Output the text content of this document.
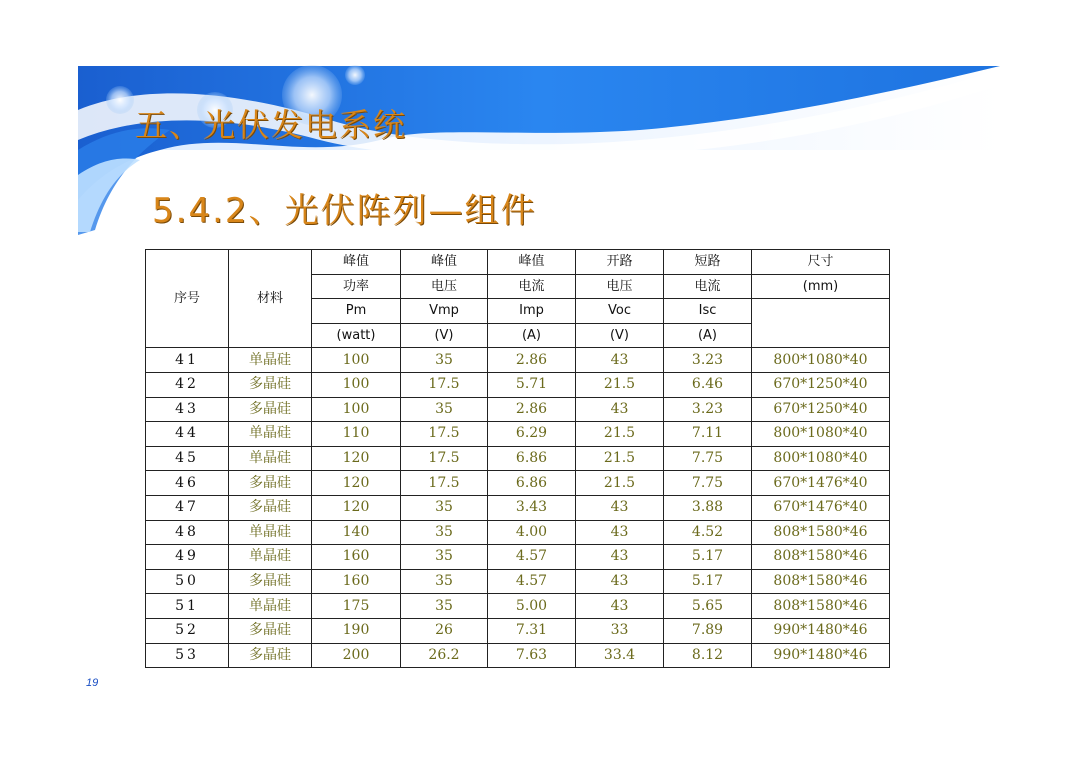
五、光伏发电系统
5.4.2、光伏阵列—组件
序号	材料	峰值	峰值	峰值	开路	短路	尺寸
		功率	电压	电流	电压	电流	(mm)
		Pm	Vmp	Imp	Voc	Isc	
		(watt)	(V)	(A)	(V)	(A)	
41	单晶硅	100	35	2.86	43	3.23	800*1080*40
42	多晶硅	100	17.5	5.71	21.5	6.46	670*1250*40
43	多晶硅	100	35	2.86	43	3.23	670*1250*40
44	单晶硅	110	17.5	6.29	21.5	7.11	800*1080*40
45	单晶硅	120	17.5	6.86	21.5	7.75	800*1080*40
46	多晶硅	120	17.5	6.86	21.5	7.75	670*1476*40
47	多晶硅	120	35	3.43	43	3.88	670*1476*40
48	单晶硅	140	35	4.00	43	4.52	808*1580*46
49	单晶硅	160	35	4.57	43	5.17	808*1580*46
50	多晶硅	160	35	4.57	43	5.17	808*1580*46
51	单晶硅	175	35	5.00	43	5.65	808*1580*46
52	多晶硅	190	26	7.31	33	7.89	990*1480*46
53	多晶硅	200	26.2	7.63	33.4	8.12	990*1480*46
19
